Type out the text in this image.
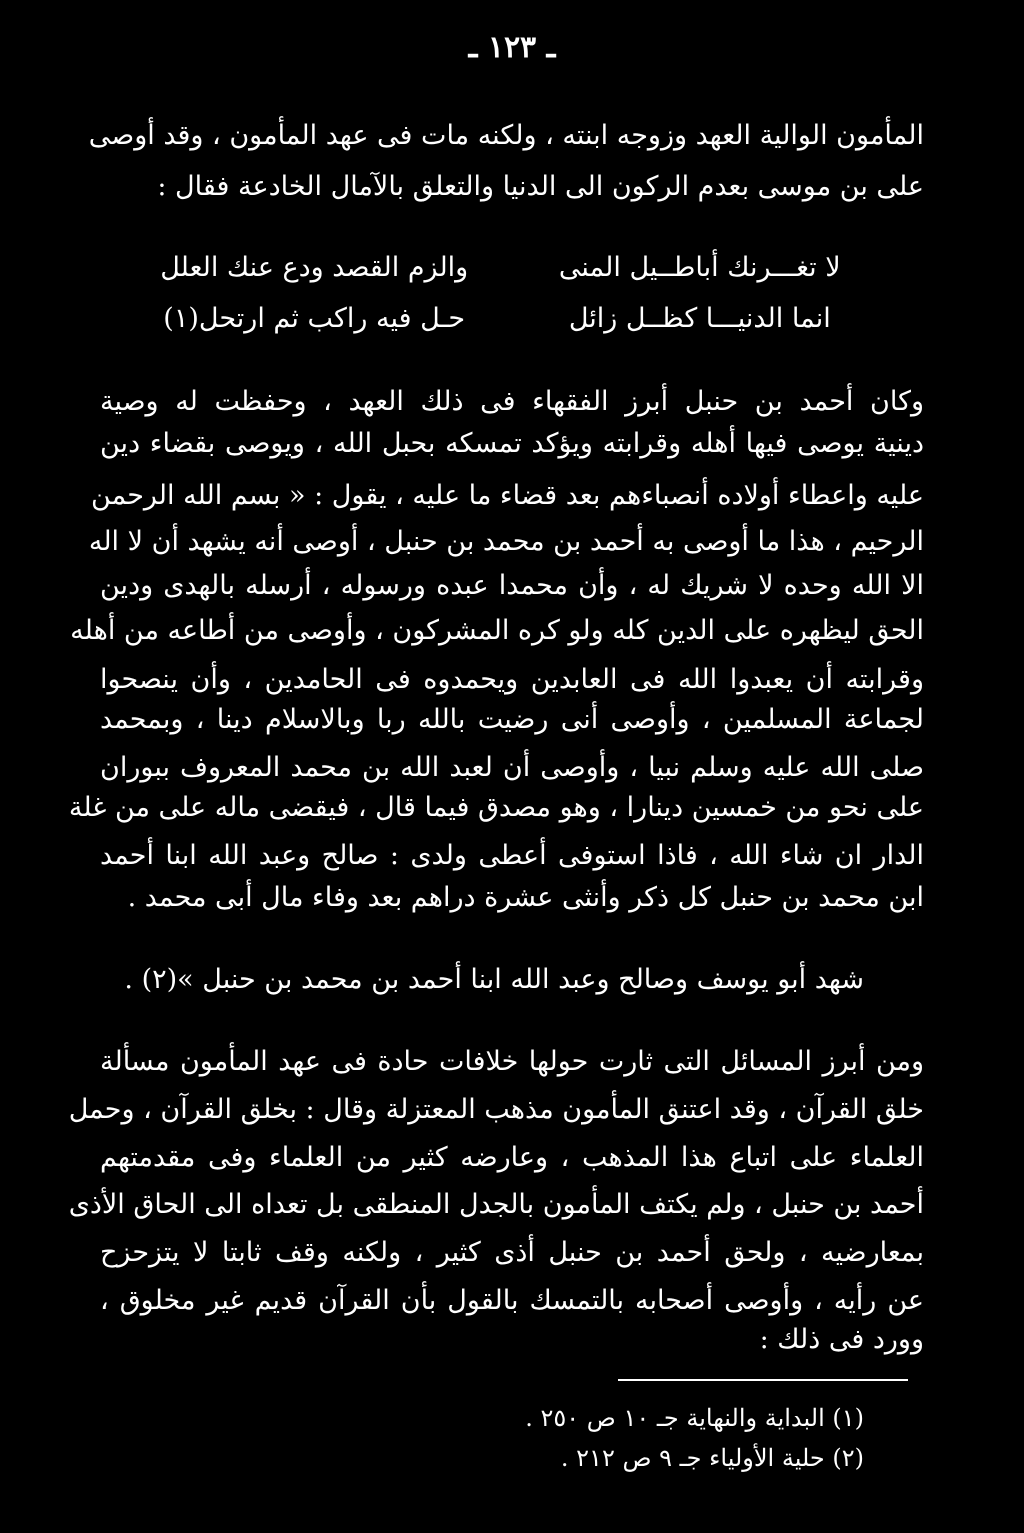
ـ ١٢٣ ـ
المأمون الوالية العهد وزوجه ابنته ، ولكنه مات فى عهد المأمون ، وقد أوصى
على بن موسى بعدم الركون الى الدنيا والتعلق بالآمال الخادعة فقال :
لا تغـــرنك أباطــيل المنى
والزم القصد ودع عنك العلل
انما الدنيـــا كظــل زائل
حـل فيه راكب ثم ارتحل(١)
وكان أحمد بن حنبل أبرز الفقهاء فى ذلك العهد ، وحفظت له وصية
دينية يوصى فيها أهله وقرابته ويؤكد تمسكه بحبل الله ، ويوصى بقضاء دين
عليه واعطاء أولاده أنصباءهم بعد قضاء ما عليه ، يقول : « بسم الله الرحمن
الرحيم ، هذا ما أوصى به أحمد بن محمد بن حنبل ، أوصى أنه يشهد أن لا اله
الا الله وحده لا شريك له ، وأن محمدا عبده ورسوله ، أرسله بالهدى ودين
الحق ليظهره على الدين كله ولو كره المشركون ، وأوصى من أطاعه من أهله
وقرابته أن يعبدوا الله فى العابدين ويحمدوه فى الحامدين ، وأن ينصحوا
لجماعة المسلمين ، وأوصى أنى رضيت بالله ربا وبالاسلام دينا ، وبمحمد
صلى الله عليه وسلم نبيا ، وأوصى أن لعبد الله بن محمد المعروف ببوران
على نحو من خمسين دينارا ، وهو مصدق فيما قال ، فيقضى ماله على من غلة
الدار ان شاء الله ، فاذا استوفى أعطى ولدى : صالح وعبد الله ابنا أحمد
ابن محمد بن حنبل كل ذكر وأنثى عشرة دراهم بعد وفاء مال أبى محمد .
شهد أبو يوسف وصالح وعبد الله ابنا أحمد بن محمد بن حنبل »(٢) .
ومن أبرز المسائل التى ثارت حولها خلافات حادة فى عهد المأمون مسألة
خلق القرآن ، وقد اعتنق المأمون مذهب المعتزلة وقال : بخلق القرآن ، وحمل
العلماء على اتباع هذا المذهب ، وعارضه كثير من العلماء وفى مقدمتهم
أحمد بن حنبل ، ولم يكتف المأمون بالجدل المنطقى بل تعداه الى الحاق الأذى
بمعارضيه ، ولحق أحمد بن حنبل أذى كثير ، ولكنه وقف ثابتا لا يتزحزح
عن رأيه ، وأوصى أصحابه بالتمسك بالقول بأن القرآن قديم غير مخلوق ،
وورد فى ذلك :
(١) البداية والنهاية جـ ١٠ ص ٢٥٠ .
(٢) حلية الأولياء جـ ٩ ص ٢١٢ .
